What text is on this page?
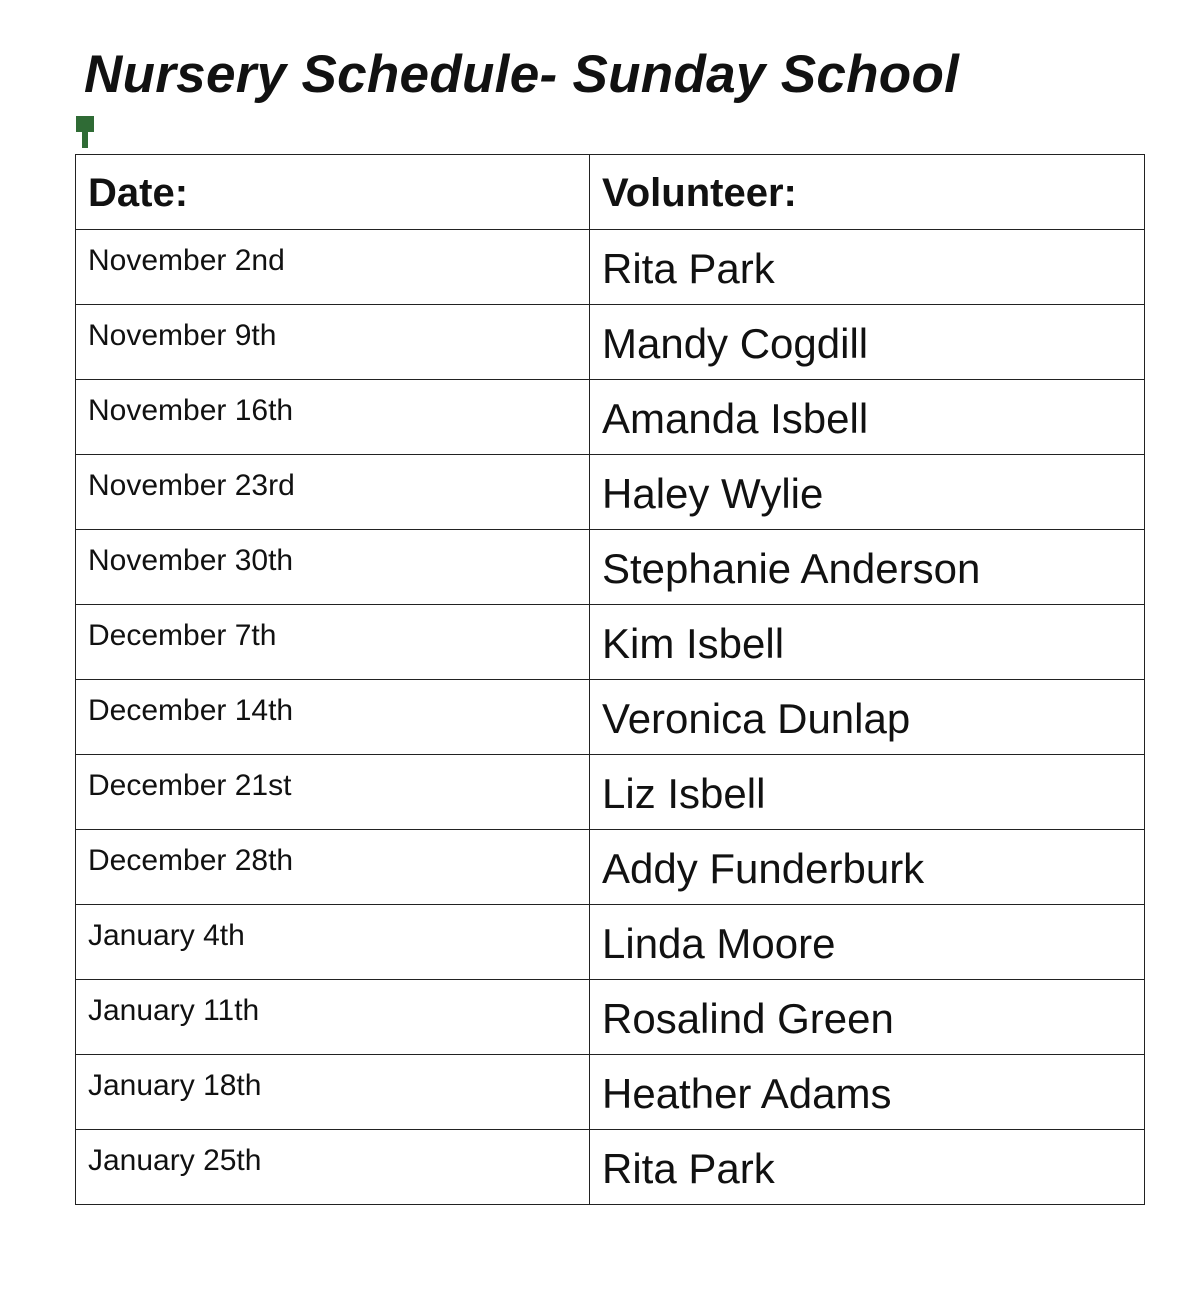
Nursery Schedule- Sunday School
Date:	Volunteer:
November 2nd	Rita Park
November 9th	Mandy Cogdill
November 16th	Amanda Isbell
November 23rd	Haley Wylie
November 30th	Stephanie Anderson
December 7th	Kim Isbell
December 14th	Veronica Dunlap
December 21st	Liz Isbell
December 28th	Addy Funderburk
January 4th	Linda Moore
January 11th	Rosalind Green
January 18th	Heather Adams
January 25th	Rita Park
